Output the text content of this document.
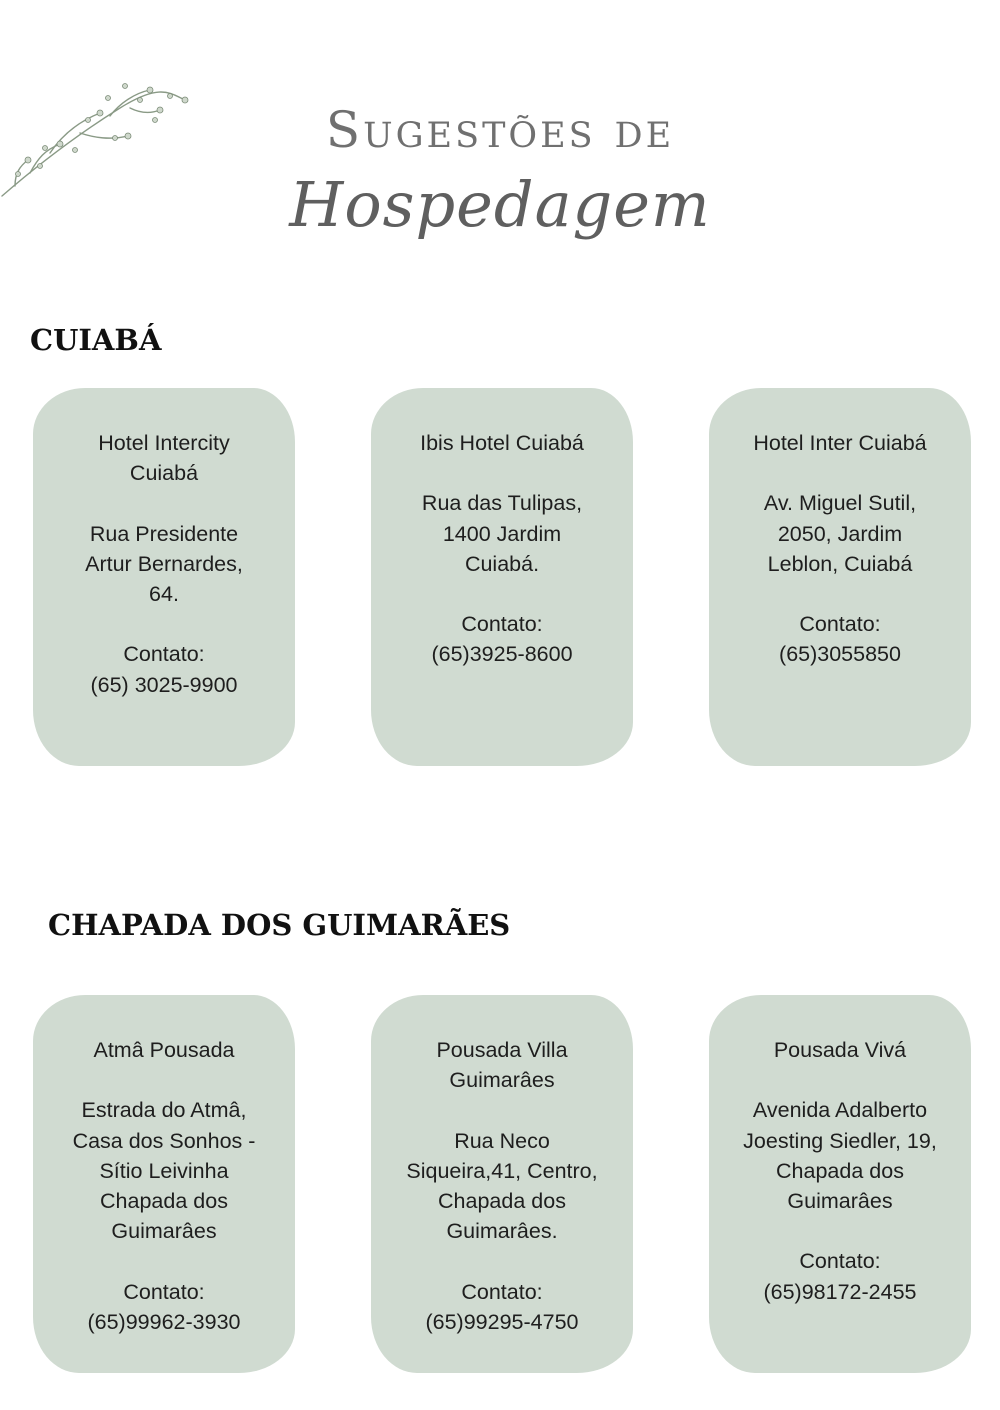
Sugestões de
Hospedagem
CUIABÁ
CHAPADA DOS GUIMARÃES
Hotel Intercity
Cuiabá
Rua Presidente
Artur Bernardes,
64.
Contato:
(65) 3025-9900
Ibis Hotel Cuiabá
Rua das Tulipas,
1400 Jardim
Cuiabá.
Contato:
(65)3925-8600
Hotel Inter Cuiabá
Av. Miguel Sutil,
2050, Jardim
Leblon, Cuiabá
Contato:
(65)3055850
Atmâ Pousada
Estrada do Atmâ,
Casa dos Sonhos -
Sítio Leivinha
Chapada dos
Guimarâes
Contato:
(65)99962-3930
Pousada Villa
Guimarâes
Rua Neco
Siqueira,41, Centro,
Chapada dos
Guimarâes.
Contato:
(65)99295-4750
Pousada Vivá
Avenida Adalberto
Joesting Siedler, 19,
Chapada dos
Guimarâes
Contato:
(65)98172-2455
